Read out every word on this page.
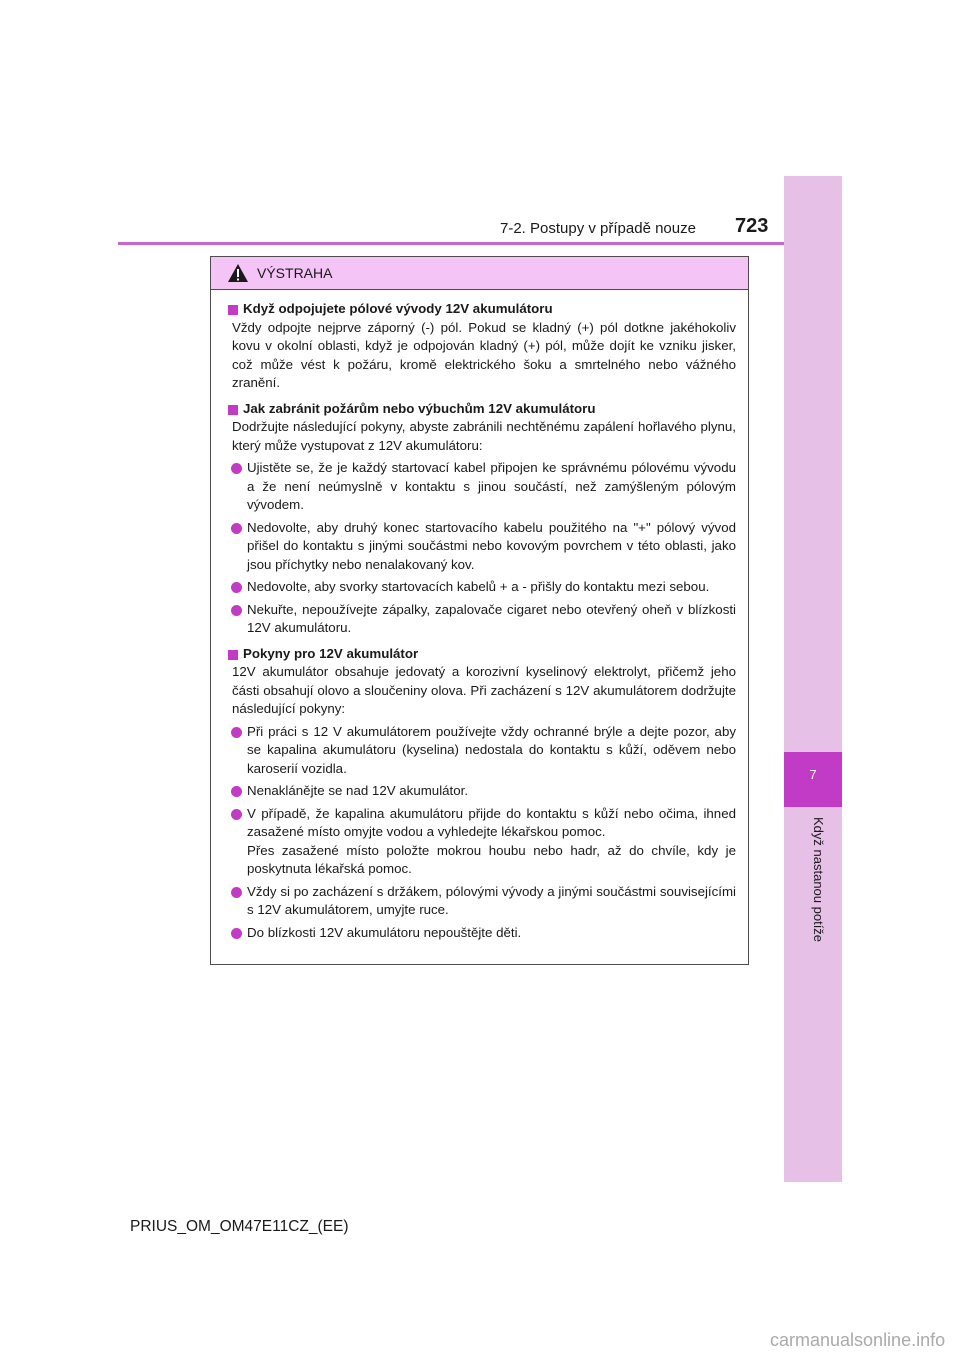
7
Když nastanou potíže
7-2. Postupy v případě nouze 723
VÝSTRAHA
Když odpojujete pólové vývody 12V akumulátoru
Vždy odpojte nejprve záporný (-) pól. Pokud se kladný (+) pól dotkne jakéhokoliv kovu v okolní oblasti, když je odpojován kladný (+) pól, může dojít ke vzniku jisker, což může vést k požáru, kromě elektrického šoku a smrtelného nebo vážného zranění.
Jak zabránit požárům nebo výbuchům 12V akumulátoru
Dodržujte následující pokyny, abyste zabránili nechtěnému zapálení hořlavého plynu, který může vystupovat z 12V akumulátoru:
Ujistěte se, že je každý startovací kabel připojen ke správnému pólovému vývodu a že není neúmyslně v kontaktu s jinou součástí, než zamýšleným pólovým vývodem.
Nedovolte, aby druhý konec startovacího kabelu použitého na "+" pólový vývod přišel do kontaktu s jinými součástmi nebo kovovým povrchem v této oblasti, jako jsou příchytky nebo nenalakovaný kov.
Nedovolte, aby svorky startovacích kabelů + a - přišly do kontaktu mezi sebou.
Nekuřte, nepoužívejte zápalky, zapalovače cigaret nebo otevřený oheň v blízkosti 12V akumulátoru.
Pokyny pro 12V akumulátor
12V akumulátor obsahuje jedovatý a korozivní kyselinový elektrolyt, přičemž jeho části obsahují olovo a sloučeniny olova. Při zacházení s 12V akumulátorem dodržujte následující pokyny:
Při práci s 12 V akumulátorem používejte vždy ochranné brýle a dejte pozor, aby se kapalina akumulátoru (kyselina) nedostala do kontaktu s kůží, oděvem nebo karoserií vozidla.
Nenaklánějte se nad 12V akumulátor.
V případě, že kapalina akumulátoru přijde do kontaktu s kůží nebo očima, ihned zasažené místo omyjte vodou a vyhledejte lékařskou pomoc.
Přes zasažené místo položte mokrou houbu nebo hadr, až do chvíle, kdy je poskytnuta lékařská pomoc.
Vždy si po zacházení s držákem, pólovými vývody a jinými součástmi souvisejícími s 12V akumulátorem, umyjte ruce.
Do blízkosti 12V akumulátoru nepouštějte děti.
PRIUS_OM_OM47E11CZ_(EE)
carmanualsonline.info
